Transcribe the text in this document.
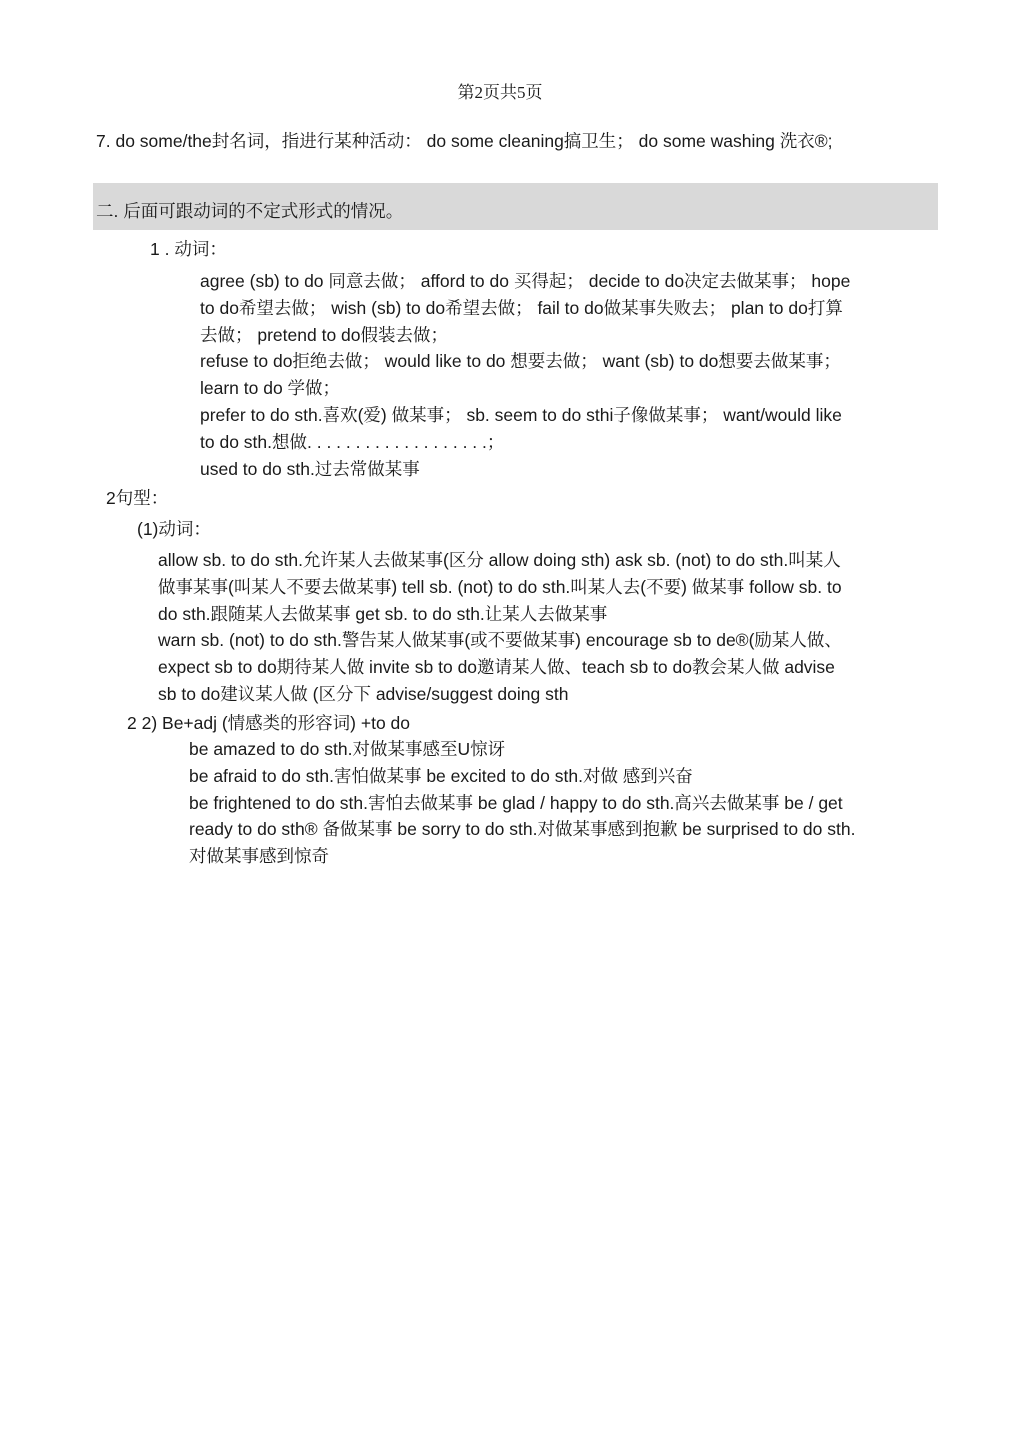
第2页共5页
7. do some/the封名词，指进行某种活动： do some cleaning搞卫生； do some washing 洗衣®;
二. 后面可跟动词的不定式形式的情况。
1 . 动词：
agree (sb) to do 同意去做； afford to do 买得起； decide to do决定去做某事； hope
to do希望去做； wish (sb) to do希望去做； fail to do做某事失败去； plan to do打算
去做； pretend to do假装去做；
refuse to do拒绝去做； would like to do 想要去做； want (sb) to do想要去做某事；
learn to do 学做；
prefer to do sth.喜欢(爱) 做某事； sb. seem to do sthi子像做某事； want/would like
to do sth.想做. . . . . . . . . . . . . . . . . . .；
used to do sth.过去常做某事
2句型：
(1)动词：
allow sb. to do sth.允许某人去做某事(区分 allow doing sth) ask sb. (not) to do sth.叫某人
做事某事(叫某人不要去做某事) tell sb. (not) to do sth.叫某人去(不要) 做某事 follow sb. to
do sth.跟随某人去做某事 get sb. to do sth.让某人去做某事
warn sb. (not) to do sth.警告某人做某事(或不要做某事) encourage sb to de®(励某人做、
expect sb to do期待某人做 invite sb to do邀请某人做、teach sb to do教会某人做 advise
sb to do建议某人做 (区分下 advise/suggest doing sth
2 2) Be+adj (情感类的形容词) +to do
be amazed to do sth.对做某事感至U惊讶
be afraid to do sth.害怕做某事 be excited to do sth.对做 感到兴奋
be frightened to do sth.害怕去做某事 be glad / happy to do sth.高兴去做某事 be / get
ready to do sth® 备做某事 be sorry to do sth.对做某事感到抱歉 be surprised to do sth.
对做某事感到惊奇
